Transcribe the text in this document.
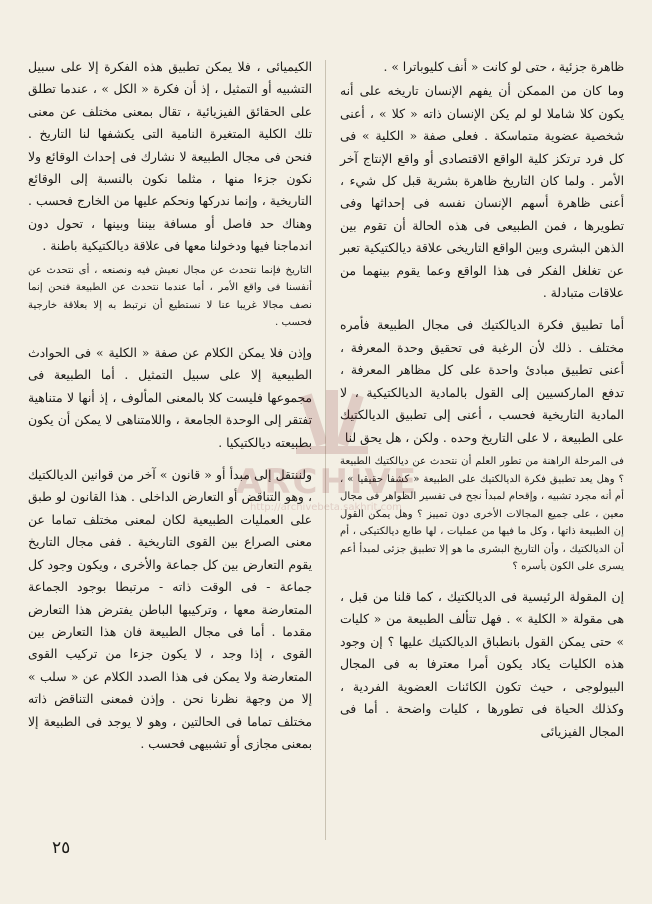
ظاهرة جزئية ، حتى لو كانت « أنف كليوباترا » .

وما كان من الممكن أن يفهم الإنسان تاريخه على أنه يكون كلا شاملا لو لم يكن الإنسان ذاته « كلا » ، أعنى شخصية عضوية متماسكة . فعلى صفة « الكلية » فى كل فرد ترتكز كلية الواقع الاقتصادى أو واقع الإنتاج آخر الأمر . ولما كان التاريخ ظاهرة بشرية قبل كل شيء ، أعنى ظاهرة أسهم الإنسان نفسه فى إحداثها وفى تطويرها ، فمن الطبيعى فى هذه الحالة أن تقوم بين الذهن البشرى وبين الواقع التاريخى علاقة ديالكتيكية تعبر عن تغلغل الفكر فى هذا الواقع وعما يقوم بينهما من علاقات متبادلة .

أما تطبيق فكرة الديالكتيك فى مجال الطبيعة فأمره مختلف . ذلك لأن الرغبة فى تحقيق وحدة المعرفة ، أعنى تطبيق مبادئ واحدة على كل مظاهر المعرفة ، تدفع الماركسيين إلى القول بالمادية الديالكتيكية ، لا المادية التاريخية فحسب ، أعنى إلى تطبيق الديالكتيك على الطبيعة ، لا على التاريخ وحده . ولكن ، هل يحق لنا

فى المرحلة الراهنة من تطور العلم أن نتحدث عن ديالكتيك الطبيعة ؟ وهل يعد تطبيق فكرة الديالكتيك على الطبيعة « كشفا حقيقيا » ، أم أنه مجرد تشبيه ، وإقحام لمبدأ نجح فى تفسير الظواهر فى مجال معين ، على جميع المجالات الأخرى دون تمييز ؟ وهل يمكن القول إن الطبيعة ذاتها ، وكل ما فيها من عمليات ، لها طابع ديالكتيكى ، أم أن الديالكتيك ، وأن التاريخ البشرى ما هو إلا تطبيق جزئى لمبدأ أعم يسرى على الكون بأسره ؟

إن المقولة الرئيسية فى الديالكتيك ، كما قلنا من قبل ، هى مقولة « الكلية » . فهل تتألف الطبيعة من « كليات » حتى يمكن القول بانطباق الديالكتيك عليها ؟ إن وجود هذه الكليات يكاد يكون أمرا معترفا به فى المجال البيولوجى ، حيث تكون الكائنات العضوية الفردية ، وكذلك الحياة فى تطورها ، كليات واضحة . أما فى المجال الفيزيائى

الكيميائى ، فلا يمكن تطبيق هذه الفكرة إلا على سبيل التشبيه أو التمثيل ، إذ أن فكرة « الكل » ، عندما تطلق على الحقائق الفيزيائية ، تقال بمعنى مختلف عن معنى تلك الكلية المتغيرة النامية التى يكشفها لنا التاريخ . فنحن فى مجال الطبيعة لا نشارك فى إحداث الوقائع ولا نكون جزءا منها ، مثلما نكون بالنسبة إلى الوقائع التاريخية ، وإنما ندركها ونحكم عليها من الخارج فحسب . وهناك حد فاصل أو مسافة بيننا وبينها ، تحول دون اندماجنا فيها ودخولنا معها فى علاقة ديالكتيكية باطنة .

التاريخ فإنما نتحدث عن مجال نعيش فيه ونصنعه ، أى نتحدث عن أنفسنا فى واقع الأمر ، أما عندما نتحدث عن الطبيعة فنحن إنما نصف مجالا غريبا عنا لا نستطيع أن نرتبط به إلا بعلاقة خارجية فحسب .

وإذن فلا يمكن الكلام عن صفة « الكلية » فى الحوادث الطبيعية إلا على سبيل التمثيل . أما الطبيعة فى مجموعها فليست كلا بالمعنى المألوف ، إذ أنها لا متناهية تفتقر إلى الوحدة الجامعة ، واللامتناهى لا يمكن أن يكون بطبيعته ديالكتيكيا .

ولننتقل إلى مبدأ أو « قانون » آخر من قوانين الديالكتيك ، وهو التناقض أو التعارض الداخلى . هذا القانون لو طبق على العمليات الطبيعية لكان لمعنى مختلف تماما عن معنى الصراع بين القوى التاريخية . ففى مجال التاريخ يقوم التعارض بين كل جماعة والأخرى ، ويكون وجود كل جماعة - فى الوقت ذاته - مرتبطا بوجود الجماعة المتعارضة معها ، وتركيبها الباطن يفترض هذا التعارض مقدما . أما فى مجال الطبيعة فان هذا التعارض بين القوى ، إذا وجد ، لا يكون جزءا من تركيب القوى المتعارضة ولا يمكن فى هذا الصدد الكلام عن « سلب » إلا من وجهة نظرنا نحن . وإذن فمعنى التناقض ذاته مختلف تماما فى الحالتين ، وهو لا يوجد فى الطبيعة إلا بمعنى مجازى أو تشبيهى فحسب .

ARCHIVE
٢٥
